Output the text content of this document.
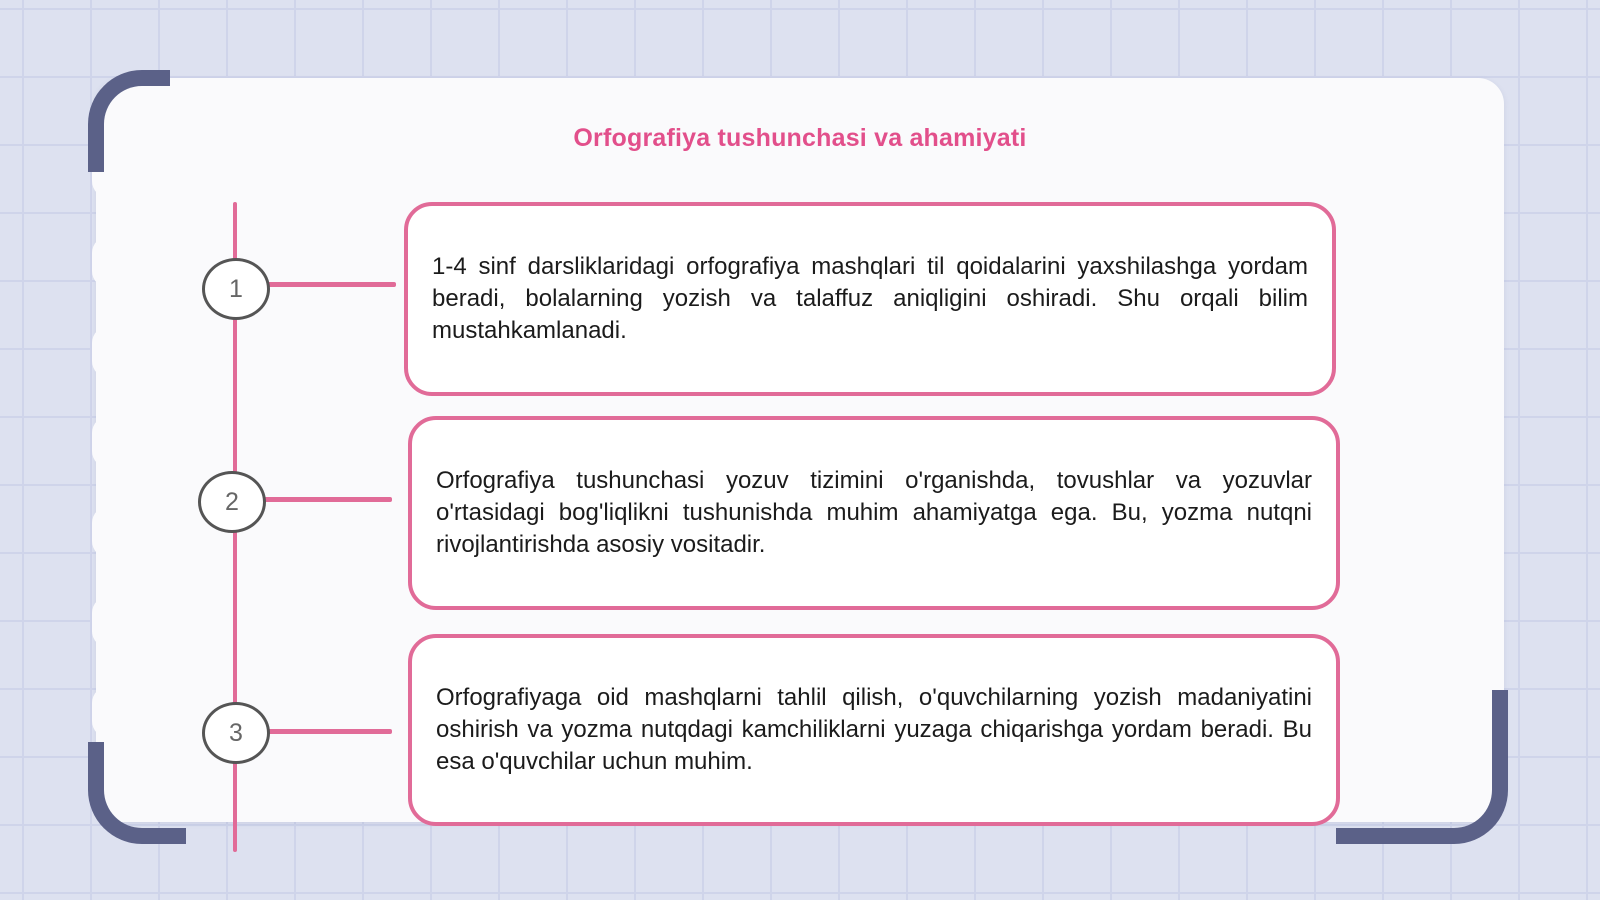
Orfografiya tushunchasi va ahamiyati
1

1-4 sinf darsliklaridagi orfografiya mashqlari til qoidalarini yaxshilashga yordam beradi, bolalarning yozish va talaffuz aniqligini oshiradi. Shu orqali bilim mustahkamlanadi.

2

Orfografiya tushunchasi yozuv tizimini o'rganishda, tovushlar va yozuvlar o'rtasidagi bog'liqlikni tushunishda muhim ahamiyatga ega. Bu, yozma nutqni rivojlantirishda asosiy vositadir.

3

Orfografiyaga oid mashqlarni tahlil qilish, o'quvchilarning yozish madaniyatini oshirish va yozma nutqdagi kamchiliklarni yuzaga chiqarishga yordam beradi. Bu esa o'quvchilar uchun muhim.
